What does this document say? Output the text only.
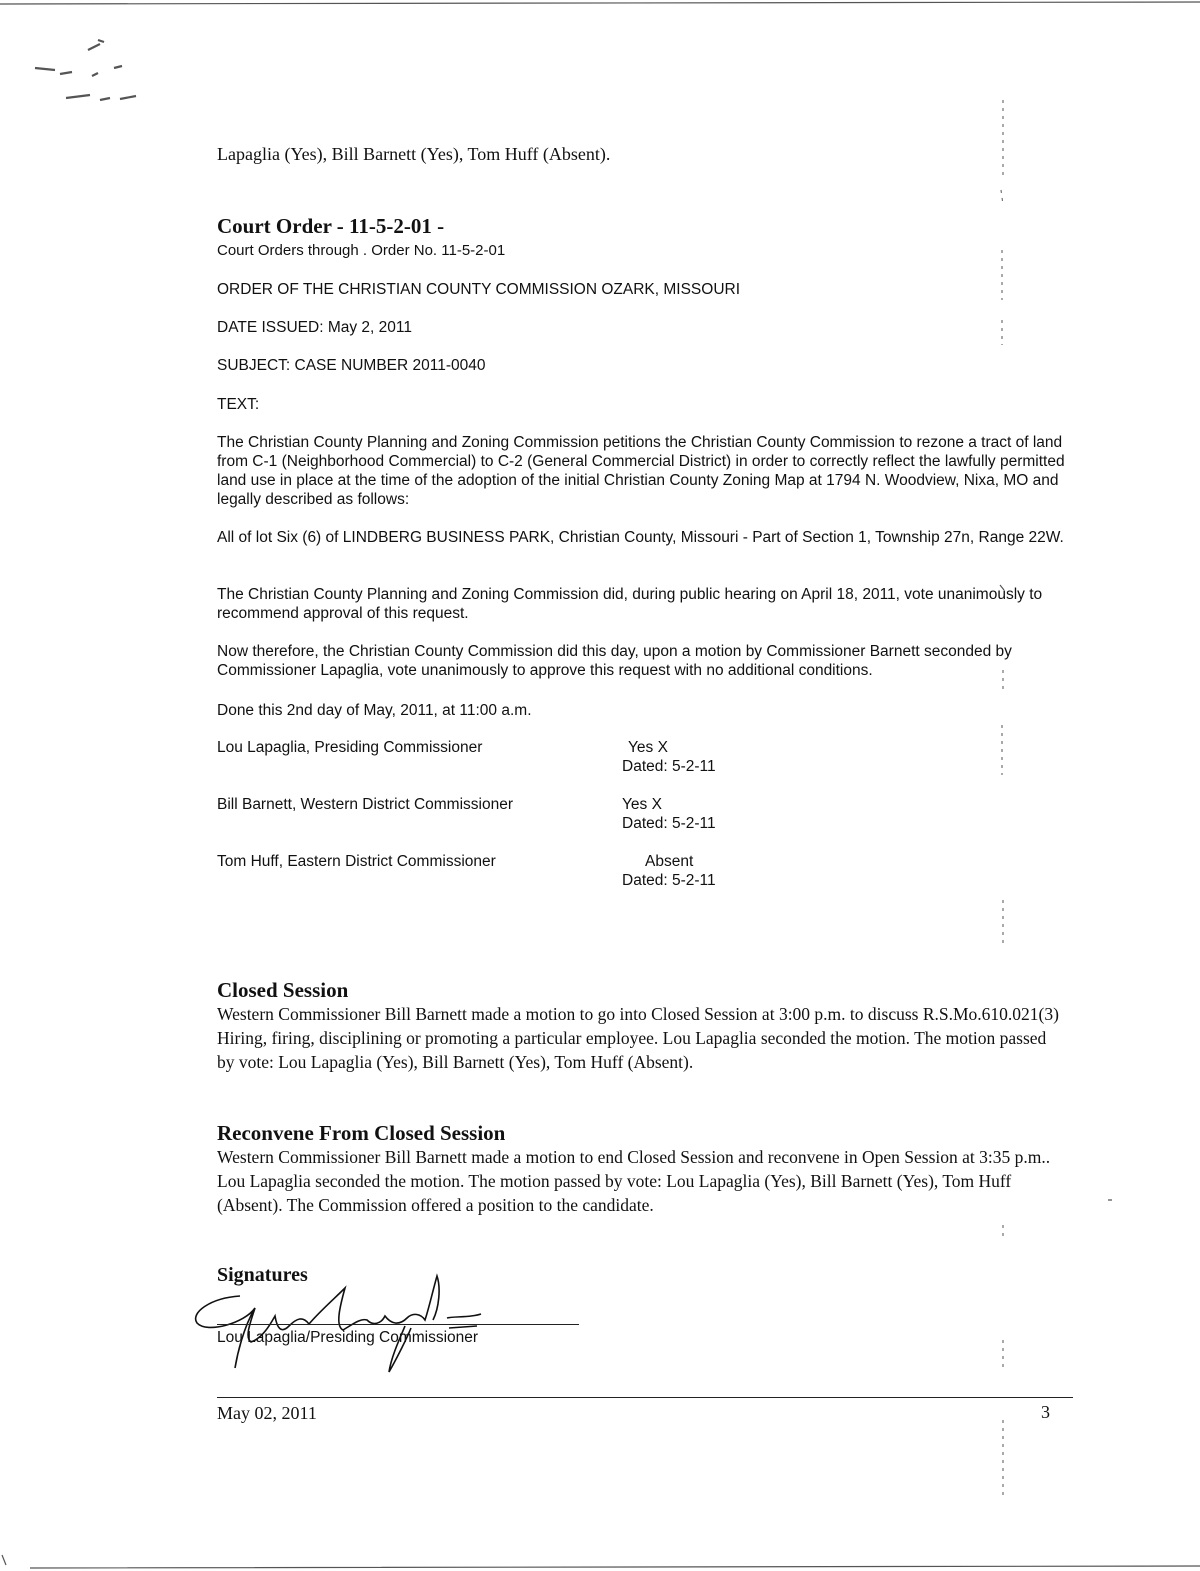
Lapaglia (Yes), Bill Barnett (Yes), Tom Huff (Absent).
Court Order - 11-5-2-01 -
Court Orders through . Order No. 11-5-2-01
ORDER OF THE CHRISTIAN COUNTY COMMISSION OZARK, MISSOURI
DATE ISSUED: May 2, 2011
SUBJECT: CASE NUMBER 2011-0040
TEXT:

The Christian County Planning and Zoning Commission petitions the Christian County Commission to rezone a tract of land from C-1 (Neighborhood Commercial) to C-2 (General Commercial District) in order to correctly reflect the lawfully permitted land use in place at the time of the adoption of the initial Christian County Zoning Map at 1794 N. Woodview, Nixa, MO and legally described as follows:

All of lot Six (6) of LINDBERG BUSINESS PARK, Christian County, Missouri - Part of Section 1, Township 27n, Range 22W.

The Christian County Planning and Zoning Commission did, during public hearing on April 18, 2011, vote unanimously to recommend approval of this request.

Now therefore, the Christian County Commission did this day, upon a motion by Commissioner Barnett seconded by Commissioner Lapaglia, vote unanimously to approve this request with no additional conditions.

Done this 2nd day of May, 2011, at 11:00 a.m.
Lou Lapaglia, Presiding Commissioner	Yes X
Dated: 5-2-11
Bill Barnett, Western District Commissioner	Yes X
Dated: 5-2-11
Tom Huff, Eastern District Commissioner	Absent
Dated: 5-2-11
Closed Session

Western Commissioner Bill Barnett made a motion to go into Closed Session at 3:00 p.m. to discuss R.S.Mo.610.021(3) Hiring, firing, disciplining or promoting a particular employee. Lou Lapaglia seconded the motion. The motion passed by vote: Lou Lapaglia (Yes), Bill Barnett (Yes), Tom Huff (Absent).

Reconvene From Closed Session

Western Commissioner Bill Barnett made a motion to end Closed Session and reconvene in Open Session at 3:35 p.m.. Lou Lapaglia seconded the motion. The motion passed by vote: Lou Lapaglia (Yes), Bill Barnett (Yes), Tom Huff (Absent). The Commission offered a position to the candidate.

Signatures
Lou Lapaglia/Presiding Commissioner
May 02, 2011	3
